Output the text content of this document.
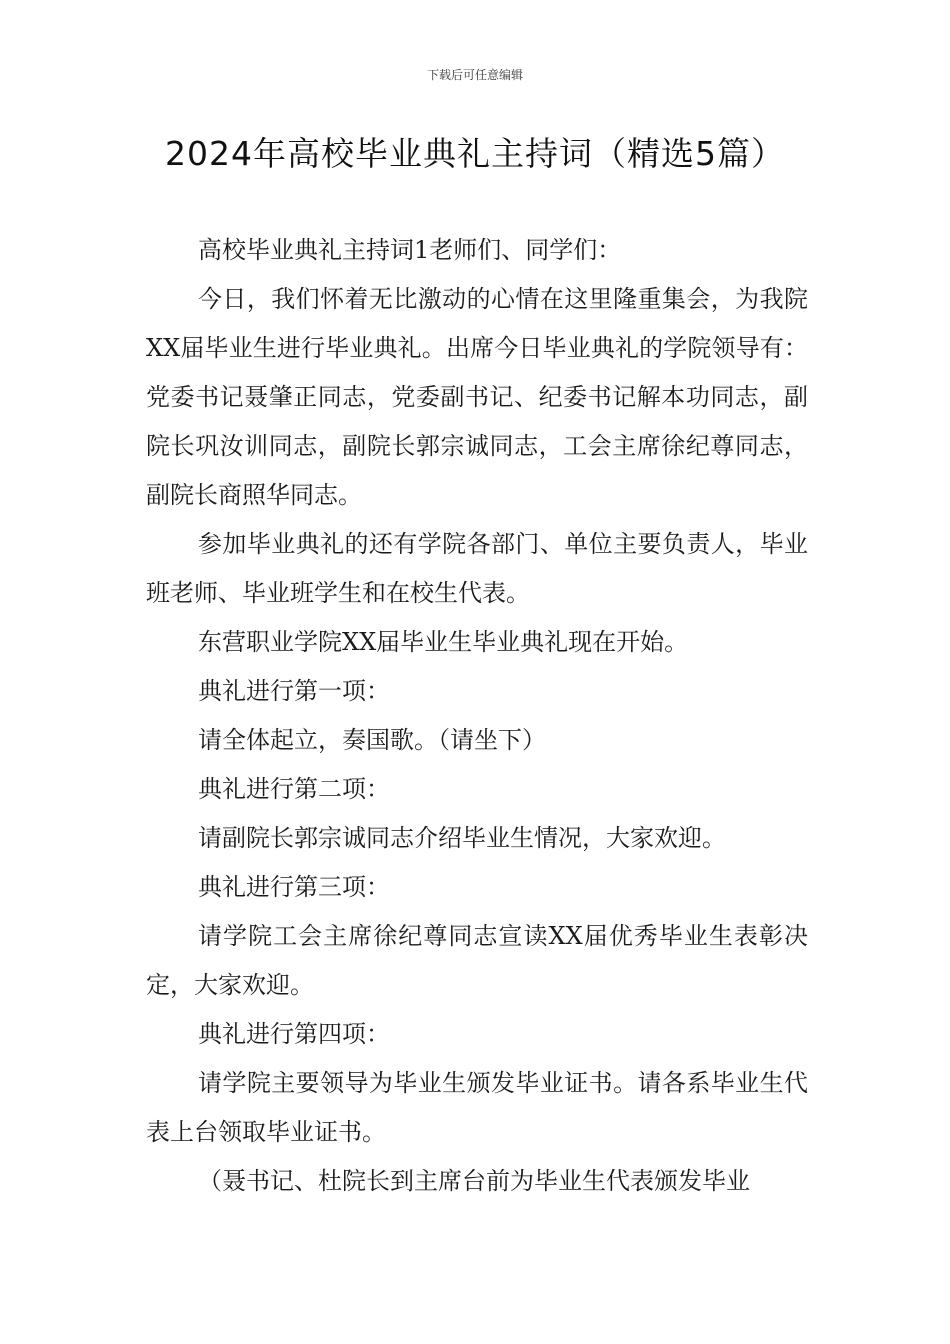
下载后可任意编辑
2024年高校毕业典礼主持词（精选5篇）

高校毕业典礼主持词1老师们、同学们：

今日，我们怀着无比激动的心情在这里隆重集会，为我院XX届毕业生进行毕业典礼。出席今日毕业典礼的学院领导有：党委书记聂肇正同志，党委副书记、纪委书记解本功同志，副院长巩汝训同志，副院长郭宗诚同志，工会主席徐纪尊同志，副院长商照华同志。

参加毕业典礼的还有学院各部门、单位主要负责人，毕业班老师、毕业班学生和在校生代表。

东营职业学院XX届毕业生毕业典礼现在开始。

典礼进行第一项：

请全体起立，奏国歌。（请坐下）

典礼进行第二项：

请副院长郭宗诚同志介绍毕业生情况，大家欢迎。

典礼进行第三项：

请学院工会主席徐纪尊同志宣读XX届优秀毕业生表彰决定，大家欢迎。

典礼进行第四项：

请学院主要领导为毕业生颁发毕业证书。请各系毕业生代表上台领取毕业证书。

（聂书记、杜院长到主席台前为毕业生代表颁发毕业
